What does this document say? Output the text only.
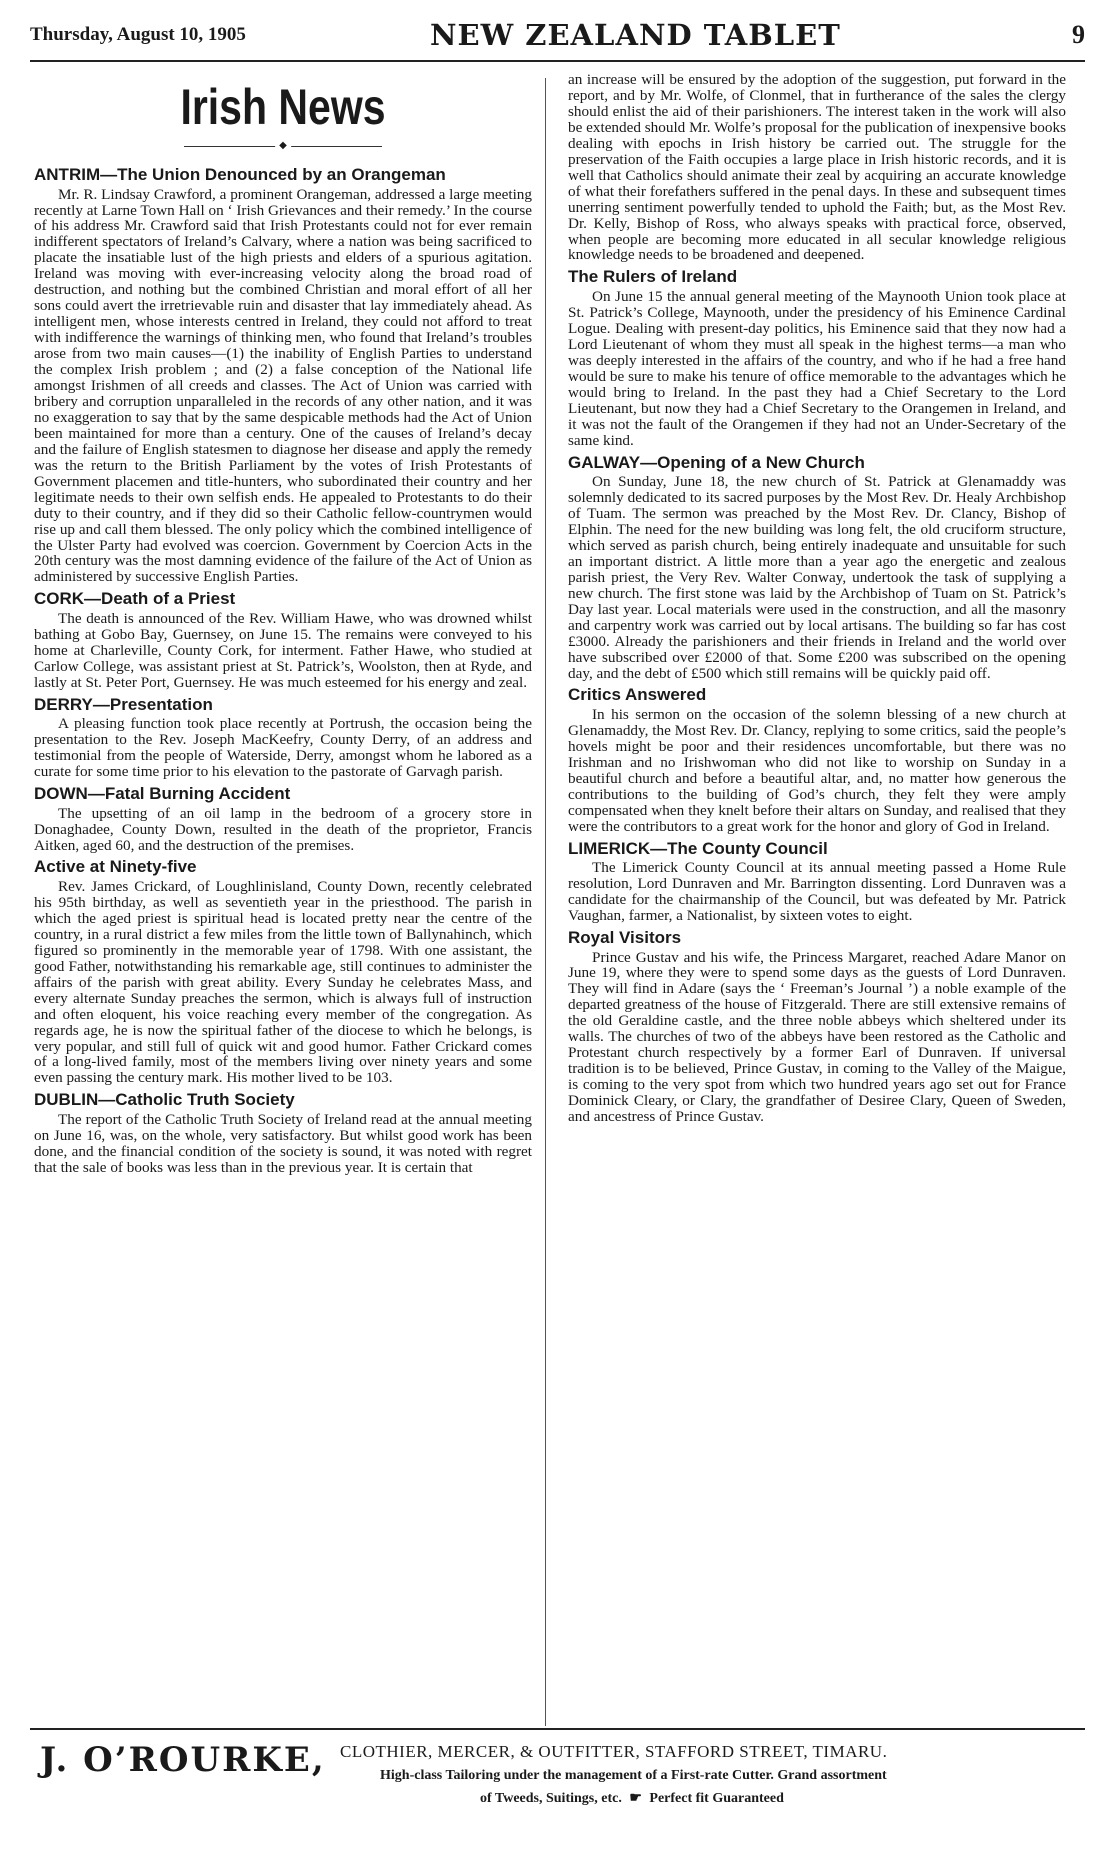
Thursday, August 10, 1905	NEW ZEALAND TABLET	9
Irish News
◆
ANTRIM—The Union Denounced by an Orangeman

Mr. R. Lindsay Crawford, a prominent Orangeman, addressed a large meeting recently at Larne Town Hall on ‘ Irish Grievances and their remedy.’ In the course of his address Mr. Crawford said that Irish Protestants could not for ever remain indifferent spectators of Ireland’s Calvary, where a nation was being sacrificed to placate the insatiable lust of the high priests and elders of a spurious agitation. Ireland was moving with ever-increasing velocity along the broad road of destruction, and nothing but the combined Christian and moral effort of all her sons could avert the irretrievable ruin and disaster that lay immediately ahead. As intelligent men, whose interests centred in Ireland, they could not afford to treat with indifference the warnings of thinking men, who found that Ireland’s troubles arose from two main causes—(1) the inability of English Parties to understand the complex Irish problem ; and (2) a false conception of the National life amongst Irishmen of all creeds and classes. The Act of Union was carried with bribery and corruption unparalleled in the records of any other nation, and it was no exaggeration to say that by the same despicable methods had the Act of Union been maintained for more than a century. One of the causes of Ireland’s decay and the failure of English statesmen to diagnose her disease and apply the remedy was the return to the British Parliament by the votes of Irish Protestants of Government placemen and title-hunters, who subordinated their country and her legitimate needs to their own selfish ends. He appealed to Protestants to do their duty to their country, and if they did so their Catholic fellow-countrymen would rise up and call them blessed. The only policy which the combined intelligence of the Ulster Party had evolved was coercion. Government by Coercion Acts in the 20th century was the most damning evidence of the failure of the Act of Union as administered by successive English Parties.

CORK—Death of a Priest

The death is announced of the Rev. William Hawe, who was drowned whilst bathing at Gobo Bay, Guernsey, on June 15. The remains were conveyed to his home at Charleville, County Cork, for interment. Father Hawe, who studied at Carlow College, was assistant priest at St. Patrick’s, Woolston, then at Ryde, and lastly at St. Peter Port, Guernsey. He was much esteemed for his energy and zeal.

DERRY—Presentation

A pleasing function took place recently at Portrush, the occasion being the presentation to the Rev. Joseph MacKeefry, County Derry, of an address and testimonial from the people of Waterside, Derry, amongst whom he labored as a curate for some time prior to his elevation to the pastorate of Garvagh parish.

DOWN—Fatal Burning Accident

The upsetting of an oil lamp in the bedroom of a grocery store in Donaghadee, County Down, resulted in the death of the proprietor, Francis Aitken, aged 60, and the destruction of the premises.

Active at Ninety-five

Rev. James Crickard, of Loughlinisland, County Down, recently celebrated his 95th birthday, as well as seventieth year in the priesthood. The parish in which the aged priest is spiritual head is located pretty near the centre of the country, in a rural district a few miles from the little town of Ballynahinch, which figured so prominently in the memorable year of 1798. With one assistant, the good Father, notwithstanding his remarkable age, still continues to administer the affairs of the parish with great ability. Every Sunday he celebrates Mass, and every alternate Sunday preaches the sermon, which is always full of instruction and often eloquent, his voice reaching every member of the congregation. As regards age, he is now the spiritual father of the diocese to which he belongs, is very popular, and still full of quick wit and good humor. Father Crickard comes of a long-lived family, most of the members living over ninety years and some even passing the century mark. His mother lived to be 103.

DUBLIN—Catholic Truth Society

The report of the Catholic Truth Society of Ireland read at the annual meeting on June 16, was, on the whole, very satisfactory. But whilst good work has been done, and the financial condition of the society is sound, it was noted with regret that the sale of books was less than in the previous year. It is certain that

an increase will be ensured by the adoption of the suggestion, put forward in the report, and by Mr. Wolfe, of Clonmel, that in furtherance of the sales the clergy should enlist the aid of their parishioners. The interest taken in the work will also be extended should Mr. Wolfe’s proposal for the publication of inexpensive books dealing with epochs in Irish history be carried out. The struggle for the preservation of the Faith occupies a large place in Irish historic records, and it is well that Catholics should animate their zeal by acquiring an accurate knowledge of what their forefathers suffered in the penal days. In these and subsequent times unerring sentiment powerfully tended to uphold the Faith; but, as the Most Rev. Dr. Kelly, Bishop of Ross, who always speaks with practical force, observed, when people are becoming more educated in all secular knowledge religious knowledge needs to be broadened and deepened.

The Rulers of Ireland

On June 15 the annual general meeting of the Maynooth Union took place at St. Patrick’s College, Maynooth, under the presidency of his Eminence Cardinal Logue. Dealing with present-day politics, his Eminence said that they now had a Lord Lieutenant of whom they must all speak in the highest terms—a man who was deeply interested in the affairs of the country, and who if he had a free hand would be sure to make his tenure of office memorable to the advantages which he would bring to Ireland. In the past they had a Chief Secretary to the Lord Lieutenant, but now they had a Chief Secretary to the Orangemen in Ireland, and it was not the fault of the Orangemen if they had not an Under-Secretary of the same kind.

GALWAY—Opening of a New Church

On Sunday, June 18, the new church of St. Patrick at Glenamaddy was solemnly dedicated to its sacred purposes by the Most Rev. Dr. Healy Archbishop of Tuam. The sermon was preached by the Most Rev. Dr. Clancy, Bishop of Elphin. The need for the new building was long felt, the old cruciform structure, which served as parish church, being entirely inadequate and unsuitable for such an important district. A little more than a year ago the energetic and zealous parish priest, the Very Rev. Walter Conway, undertook the task of supplying a new church. The first stone was laid by the Archbishop of Tuam on St. Patrick’s Day last year. Local materials were used in the construction, and all the masonry and carpentry work was carried out by local artisans. The building so far has cost £3000. Already the parishioners and their friends in Ireland and the world over have subscribed over £2000 of that. Some £200 was subscribed on the opening day, and the debt of £500 which still remains will be quickly paid off.

Critics Answered

In his sermon on the occasion of the solemn blessing of a new church at Glenamaddy, the Most Rev. Dr. Clancy, replying to some critics, said the people’s hovels might be poor and their residences uncomfortable, but there was no Irishman and no Irishwoman who did not like to worship on Sunday in a beautiful church and before a beautiful altar, and, no matter how generous the contributions to the building of God’s church, they felt they were amply compensated when they knelt before their altars on Sunday, and realised that they were the contributors to a great work for the honor and glory of God in Ireland.

LIMERICK—The County Council

The Limerick County Council at its annual meeting passed a Home Rule resolution, Lord Dunraven and Mr. Barrington dissenting. Lord Dunraven was a candidate for the chairmanship of the Council, but was defeated by Mr. Patrick Vaughan, farmer, a Nationalist, by sixteen votes to eight.

Royal Visitors

Prince Gustav and his wife, the Princess Margaret, reached Adare Manor on June 19, where they were to spend some days as the guests of Lord Dunraven. They will find in Adare (says the ‘ Freeman’s Journal ’) a noble example of the departed greatness of the house of Fitzgerald. There are still extensive remains of the old Geraldine castle, and the three noble abbeys which sheltered under its walls. The churches of two of the abbeys have been restored as the Catholic and Protestant church respectively by a former Earl of Dunraven. If universal tradition is to be believed, Prince Gustav, in coming to the Valley of the Maigue, is coming to the very spot from which two hundred years ago set out for France Dominick Cleary, or Clary, the grandfather of Desiree Clary, Queen of Sweden, and ancestress of Prince Gustav.

J. O’ROURKE, CLOTHIER, MERCER, & OUTFITTER, STAFFORD STREET, TIMARU.
High-class Tailoring under the management of a First-rate Cutter. Grand assortment
of Tweeds, Suitings, etc. ☛ Perfect fit Guaranteed
